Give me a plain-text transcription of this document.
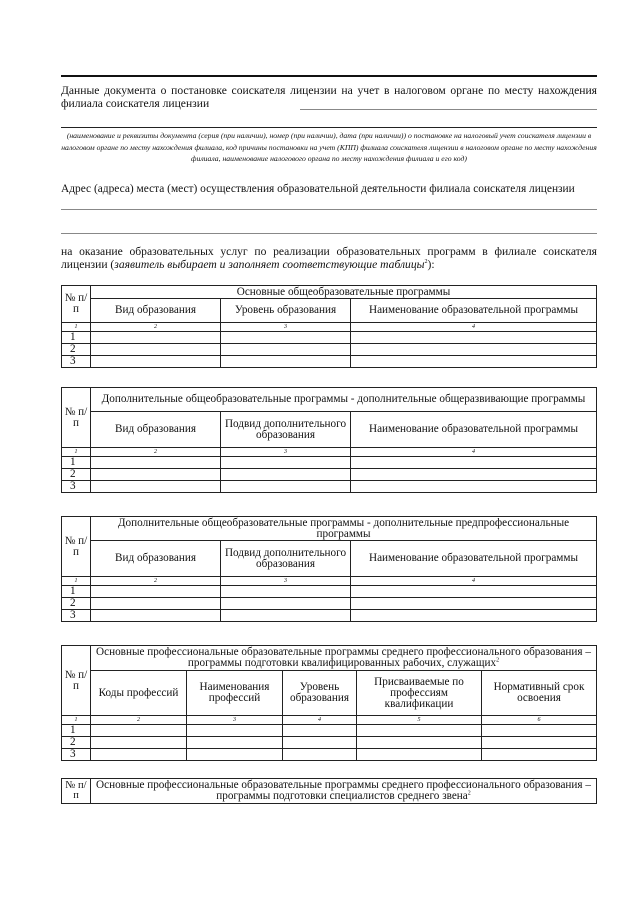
Данные документа о постановке соискателя лицензии на учет в налоговом органе по месту нахождения филиала соискателя лицензии
(наименование и реквизиты документа (серия (при наличии), номер (при наличии), дата (при наличии)) о постановке на налоговый учет соискателя лицензии в налоговом органе по месту нахождения филиала, код причины постановки на учет (КПП) филиала соискателя лицензии в налоговом органе по месту нахождения филиала, наименование налогового органа по месту нахождения филиала и его код)
Адрес (адреса) места (мест) осуществления образовательной деятельности филиала соискателя лицензии
на оказание образовательных услуг по реализации образовательных программ в филиале соискателя лицензии (заявитель выбирает и заполняет соответствующие таблицы$^2$):
№ п/п	Основные общеобразовательные программы		
	Вид образования	Уровень образования	Наименование образовательной программы
1	2	3	4
1			
2			
3			
№ п/п	Дополнительные общеобразовательные программы - дополнительные общеразвивающие программы		
	Вид образования	Подвид дополнительного образования	Наименование образовательной программы
1	2	3	4
1			
2			
3			
№ п/п	Дополнительные общеобразовательные программы - дополнительные предпрофессиональные программы		
	Вид образования	Подвид дополнительного образования	Наименование образовательной программы
1	2	3	4
1			
2			
3			
№ п/п	Основные профессиональные образовательные программы среднего профессионального образования – программы подготовки квалифицированных рабочих, служащих$^2$
	Коды профессий	Наименования профессий	Уровень образования	Присваиваемые по профессиям квалификации	Нормативный срок освоения
1	2	3	4	5	6
1					
2					
3					
№ п/п	Основные профессиональные образовательные программы среднего профессионального образования – программы подготовки специалистов среднего звена$^2$
